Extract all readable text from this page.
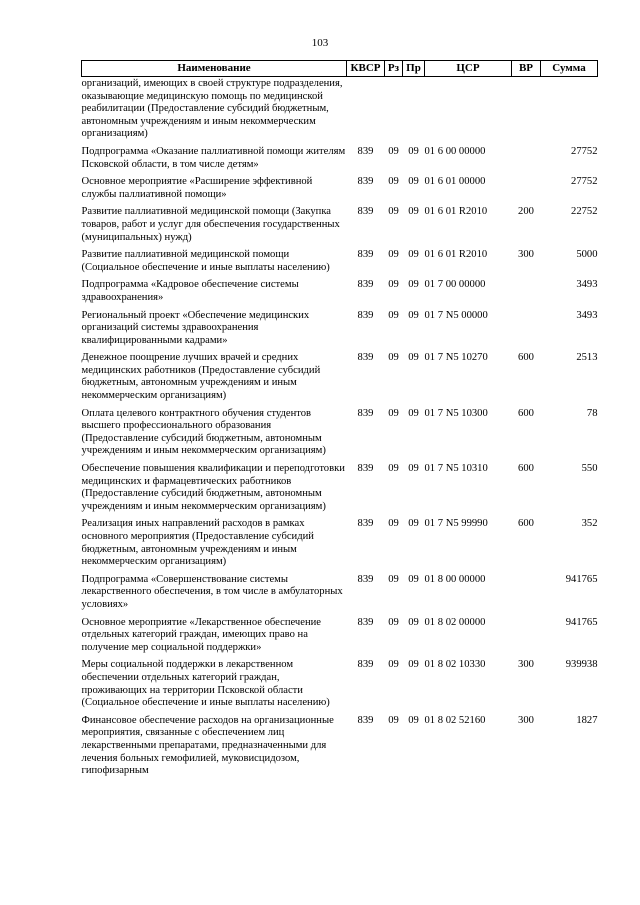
103
Наименование	КВСР	Рз	Пр	ЦСР	ВР	Сумма
организаций, имеющих в своей структуре подразделения, оказывающие медицинскую помощь по медицинской реабилитации (Предоставление субсидий бюджетным, автономным учреждениям и иным некоммерческим организациям)						
Подпрограмма «Оказание паллиативной помощи жителям Псковской области, в том числе детям»	839	09	09	01 6 00 00000		27752
Основное мероприятие «Расширение эффективной службы паллиативной помощи»	839	09	09	01 6 01 00000		27752
Развитие паллиативной медицинской помощи (Закупка товаров, работ и услуг для обеспечения государственных (муниципальных) нужд)	839	09	09	01 6 01 R2010	200	22752
Развитие паллиативной медицинской помощи (Социальное обеспечение и иные выплаты населению)	839	09	09	01 6 01 R2010	300	5000
Подпрограмма «Кадровое обеспечение системы здравоохранения»	839	09	09	01 7 00 00000		3493
Региональный проект «Обеспечение медицинских организаций системы здравоохранения квалифицированными кадрами»	839	09	09	01 7 N5 00000		3493
Денежное поощрение лучших врачей и средних медицинских работников (Предоставление субсидий бюджетным, автономным учреждениям и иным некоммерческим организациям)	839	09	09	01 7 N5 10270	600	2513
Оплата целевого контрактного обучения студентов высшего профессионального образования (Предоставление субсидий бюджетным, автономным учреждениям и иным некоммерческим организациям)	839	09	09	01 7 N5 10300	600	78
Обеспечение повышения квалификации и переподготовки медицинских и фармацевтических работников (Предоставление субсидий бюджетным, автономным учреждениям и иным некоммерческим организациям)	839	09	09	01 7 N5 10310	600	550
Реализация иных направлений расходов в рамках основного мероприятия (Предоставление субсидий бюджетным, автономным учреждениям и иным некоммерческим организациям)	839	09	09	01 7 N5 99990	600	352
Подпрограмма «Совершенствование системы лекарственного обеспечения, в том числе в амбулаторных условиях»	839	09	09	01 8 00 00000		941765
Основное мероприятие «Лекарственное обеспечение отдельных категорий граждан, имеющих право на получение мер социальной поддержки»	839	09	09	01 8 02 00000		941765
Меры социальной поддержки в лекарственном обеспечении отдельных категорий граждан, проживающих на территории Псковской области (Социальное обеспечение и иные выплаты населению)	839	09	09	01 8 02 10330	300	939938
Финансовое обеспечение расходов на организационные мероприятия, связанные с обеспечением лиц лекарственными препаратами, предназначенными для лечения больных гемофилией, муковисцидозом, гипофизарным	839	09	09	01 8 02 52160	300	1827
